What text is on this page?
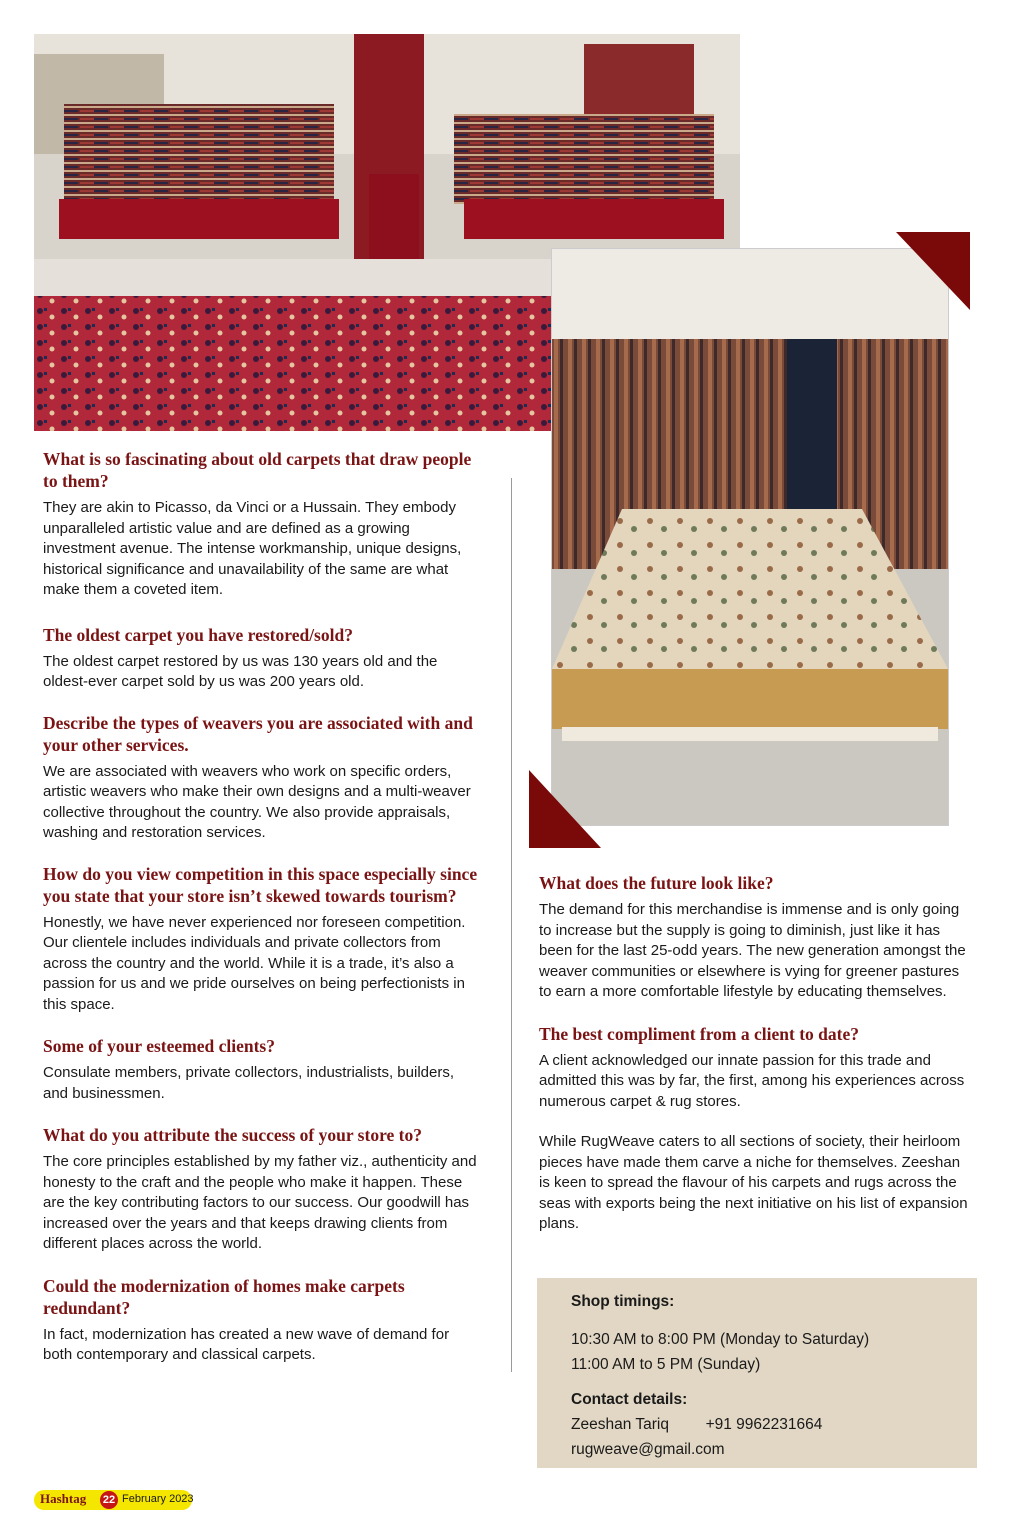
What is so fascinating about old carpets that draw people to them?

They are akin to Picasso, da Vinci or a Hussain. They embody unparalleled artistic value and are defined as a growing investment avenue. The intense workmanship, unique designs, historical significance and unavailability of the same are what make them a coveted item.

The oldest carpet you have restored/sold?

The oldest carpet restored by us was 130 years old and the oldest-ever carpet sold by us was 200 years old.

Describe the types of weavers you are associated with and your other services.

We are associated with weavers who work on specific orders, artistic weavers who make their own designs and a multi-weaver collective throughout the country. We also provide appraisals, washing and restoration services.

How do you view competition in this space especially since you state that your store isn’t skewed towards tourism?

Honestly, we have never experienced nor foreseen competition. Our clientele includes individuals and private collectors from across the country and the world. While it is a trade, it’s also a passion for us and we pride ourselves on being perfectionists in this space.

Some of your esteemed clients?

Consulate members, private collectors, industrialists, builders, and businessmen.

What do you attribute the success of your store to?

The core principles established by my father viz., authenticity and honesty to the craft and the people who make it happen. These are the key contributing factors to our success. Our goodwill has increased over the years and that keeps drawing clients from different places across the world.

Could the modernization of homes make carpets redundant?

In fact, modernization has created a new wave of demand for both contemporary and classical carpets.

What does the future look like?

The demand for this merchandise is immense and is only going to increase but the supply is going to diminish, just like it has been for the last 25-odd years. The new generation amongst the weaver communities or elsewhere is vying for greener pastures to earn a more comfortable lifestyle by educating themselves.

The best compliment from a client to date?

A client acknowledged our innate passion for this trade and admitted this was by far, the first, among his experiences across numerous carpet & rug stores.

While RugWeave caters to all sections of society, their heirloom pieces have made them carve a niche for themselves. Zeeshan is keen to spread the flavour of his carpets and rugs across the seas with exports being the next initiative on his list of expansion plans.

Shop timings:

10:30 AM to 8:00 PM (Monday to Saturday)

11:00 AM to 5 PM (Sunday)

Contact details:

Zeeshan Tariq +91 9962231664

rugweave@gmail.com

Hashtag 22 February 2023
